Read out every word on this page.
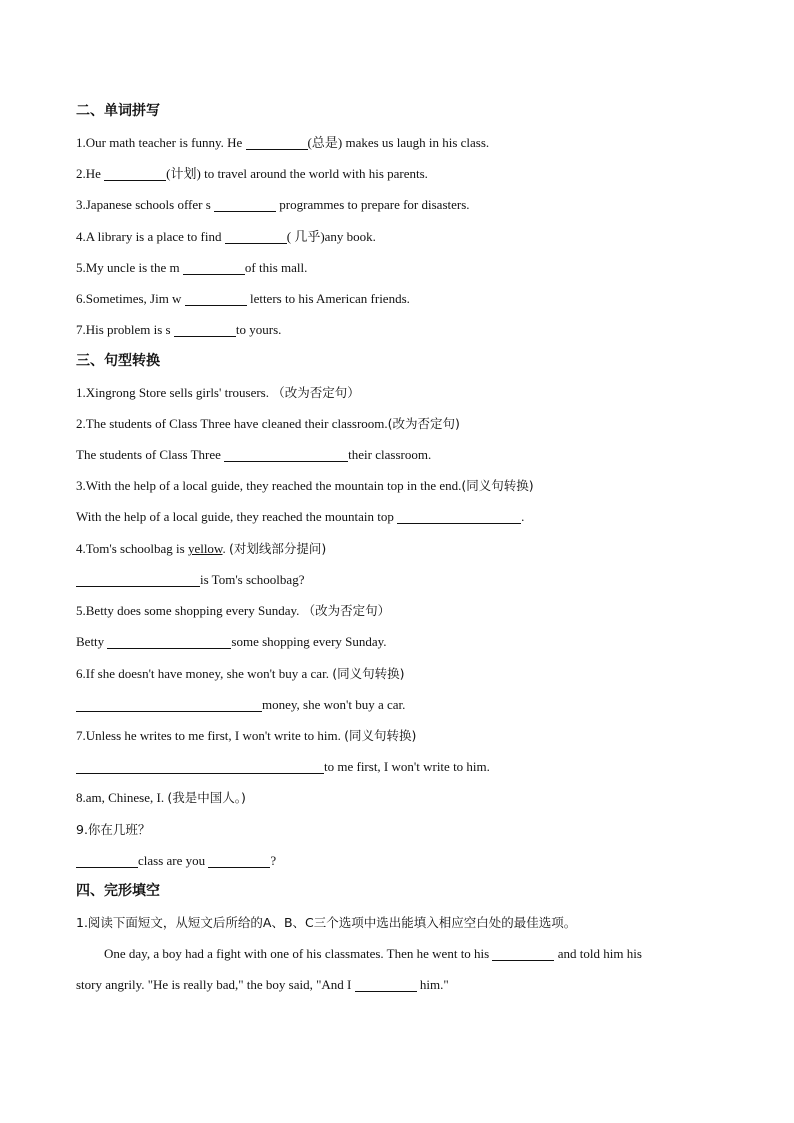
二、单词拼写
1.Our math teacher is funny. He	(总是) makes us laugh in his class.
2.He	(计划) to travel around the world with his parents.
3.Japanese schools offer s	programmes to prepare for disasters.
4.A library is a place to find	( 几乎)any book.
5.My uncle is the m	of this mall.
6.Sometimes, Jim w	letters to his American friends.
7.His problem is s	to yours.
三、句型转换
1.Xingrong Store sells girls' trousers. （改为否定句）
2.The students of Class Three have cleaned their classroom.(改为否定句)
The students of Class Three	their classroom.
3.With the help of a local guide, they reached the mountain top in the end.(同义句转换)
With the help of a local guide, they reached the mountain top	.
4.Tom's schoolbag is yellow. (对划线部分提问)
is Tom's schoolbag?
5.Betty does some shopping every Sunday. （改为否定句）
Betty	some shopping every Sunday.
6.If she doesn't have money, she won't buy a car. (同义句转换)
money, she won't buy a car.
7.Unless he writes to me first, I won't write to him. (同义句转换)
to me first, I won't write to him.
8.am, Chinese, I. (我是中国人。)
9.你在几班？
class are you	?
四、完形填空
1.阅读下面短文，从短文后所给的A、B、C三个选项中选出能填入相应空白处的最佳选项。
One day, a boy had a fight with one of his classmates. Then he went to his	and told him his
story angrily. "He is really bad," the boy said, "And I	him."
